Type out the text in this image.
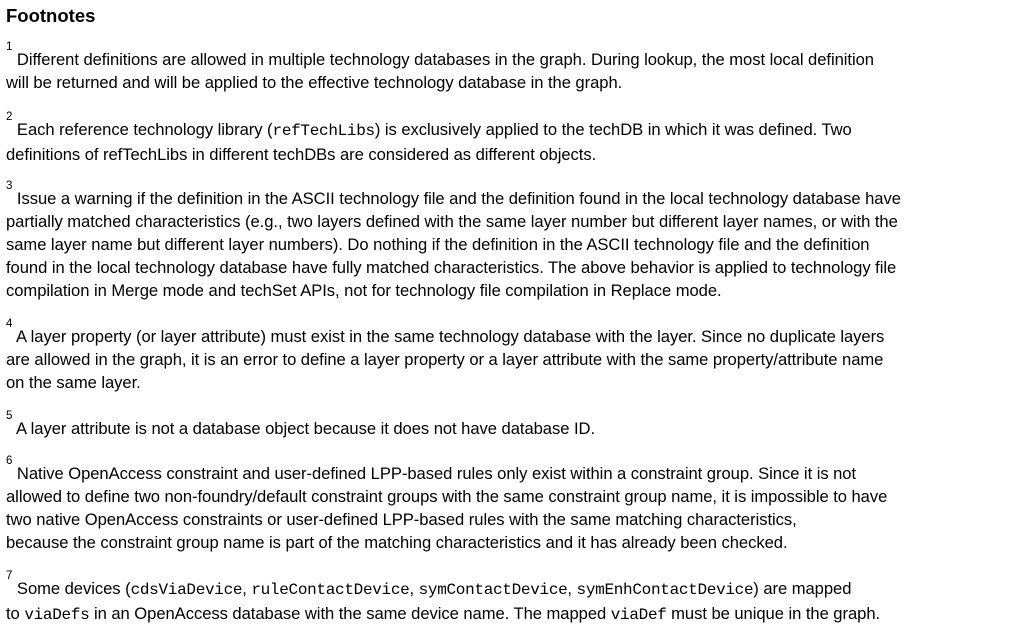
Footnotes
$^1$ Different definitions are allowed in multiple technology databases in the graph. During lookup, the most local definition
will be returned and will be applied to the effective technology database in the graph.
$^2$ Each reference technology library (refTechLibs) is exclusively applied to the techDB in which it was defined. Two
definitions of refTechLibs in different techDBs are considered as different objects.
$^3$ Issue a warning if the definition in the ASCII technology file and the definition found in the local technology database have
partially matched characteristics (e.g., two layers defined with the same layer number but different layer names, or with the
same layer name but different layer numbers). Do nothing if the definition in the ASCII technology file and the definition
found in the local technology database have fully matched characteristics. The above behavior is applied to technology file
compilation in Merge mode and techSet APIs, not for technology file compilation in Replace mode.
$^4$ A layer property (or layer attribute) must exist in the same technology database with the layer. Since no duplicate layers
are allowed in the graph, it is an error to define a layer property or a layer attribute with the same property/attribute name
on the same layer.
$^5$ A layer attribute is not a database object because it does not have database ID.
$^6$ Native OpenAccess constraint and user-defined LPP-based rules only exist within a constraint group. Since it is not
allowed to define two non-foundry/default constraint groups with the same constraint group name, it is impossible to have
two native OpenAccess constraints or user-defined LPP-based rules with the same matching characteristics,
because the constraint group name is part of the matching characteristics and it has already been checked.
$^7$ Some devices (cdsViaDevice, ruleContactDevice, symContactDevice, symEnhContactDevice) are mapped
to viaDefs in an OpenAccess database with the same device name. The mapped viaDef must be unique in the graph.
